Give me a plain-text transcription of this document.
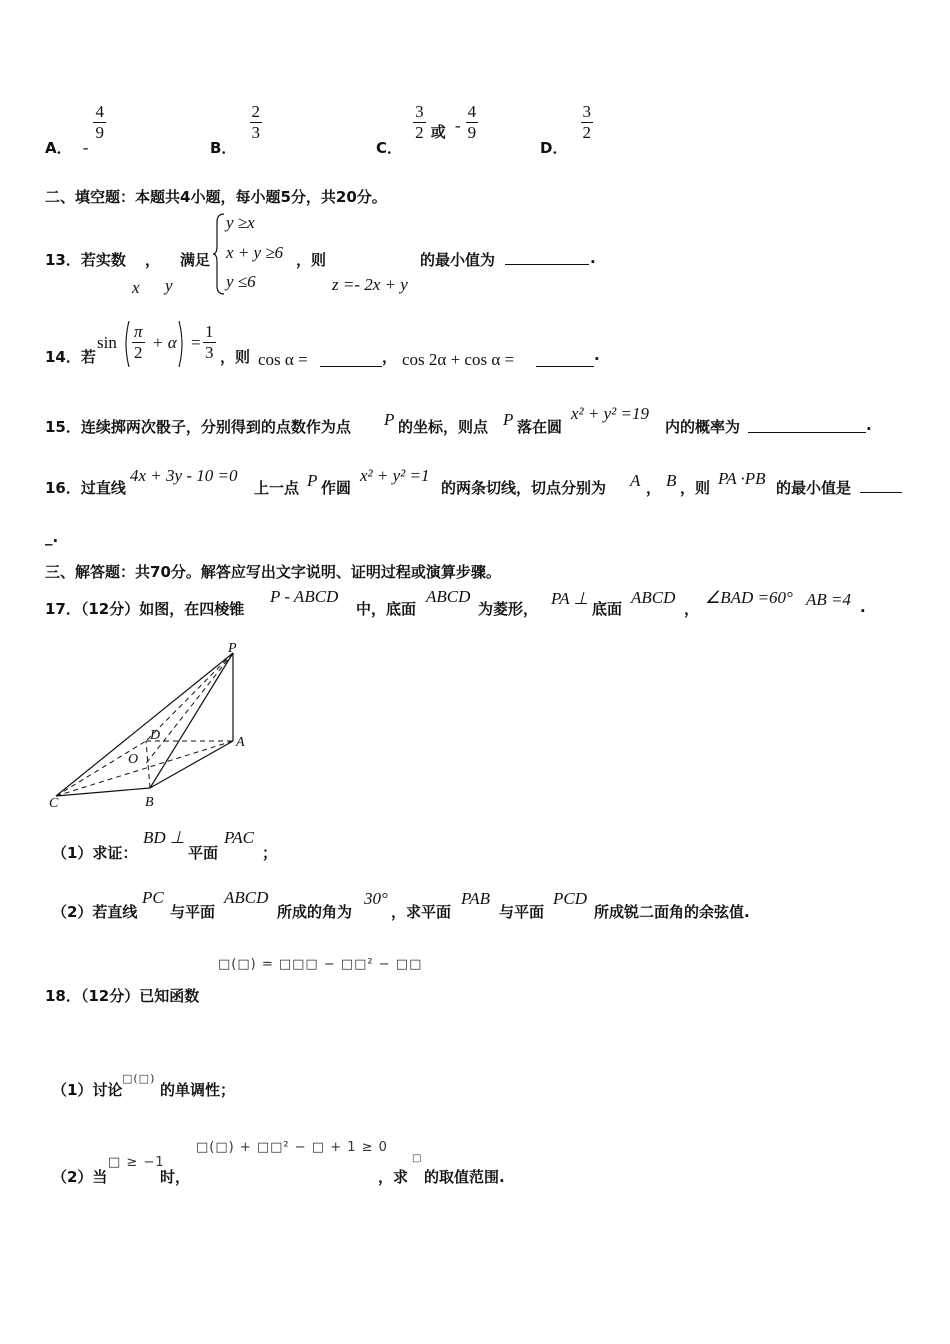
A． -
$\frac{4}{9}$
B．
$\frac{2}{3}$
C．
$\frac{3}{2}$ 或 - $\frac{4}{9}$
D．
$\frac{3}{2}$
二、填空题：本题共4小题，每小题5分，共20分。
13．若实数 ， 满足
x y
y ≥x
x + y ≥6
y ≤6
，则
z =- 2x + y
的最小值为	.
14．若
$\sin \frac{\pi}{2} + \alpha = \frac{1}{3}$ ，则 cos α =	， cos 2α + cos α =	.
15．连续掷两次骰子，分别得到的点数作为点 P 的坐标，则点 P 落在圆
x² + y² =19
内的概率为	.
16．过直线
4x + 3y - 10 =0
上一点 P 作圆
x² + y² =1
的两条切线，切点分别为 A ， B ，则 PA ·PB 的最小值是
_.
三、解答题：共70分。解答应写出文字说明、证明过程或演算步骤。
17．（12分）如图，在四棱锥
P - ABCD
中，底面
ABCD
为菱形，
PA ⊥
底面
ABCD
，
∠BAD =60° AB =4 .
P
D	A
O
C	B
（1）求证：
BD ⊥
平面
PAC
；
（2）若直线
PC
与平面
ABCD
所成的角为
30°
，求平面
PAB
与平面
PCD
所成锐二面角的余弦值.
□(□) = □□□ − □□² − □□
18．（12分）已知函数
（1）讨论
□(□)
的单调性；
（2）当
□ ≥ −1
时，
□(□) + □□² − □ + 1 ≥ 0
，求
□
的取值范围.
